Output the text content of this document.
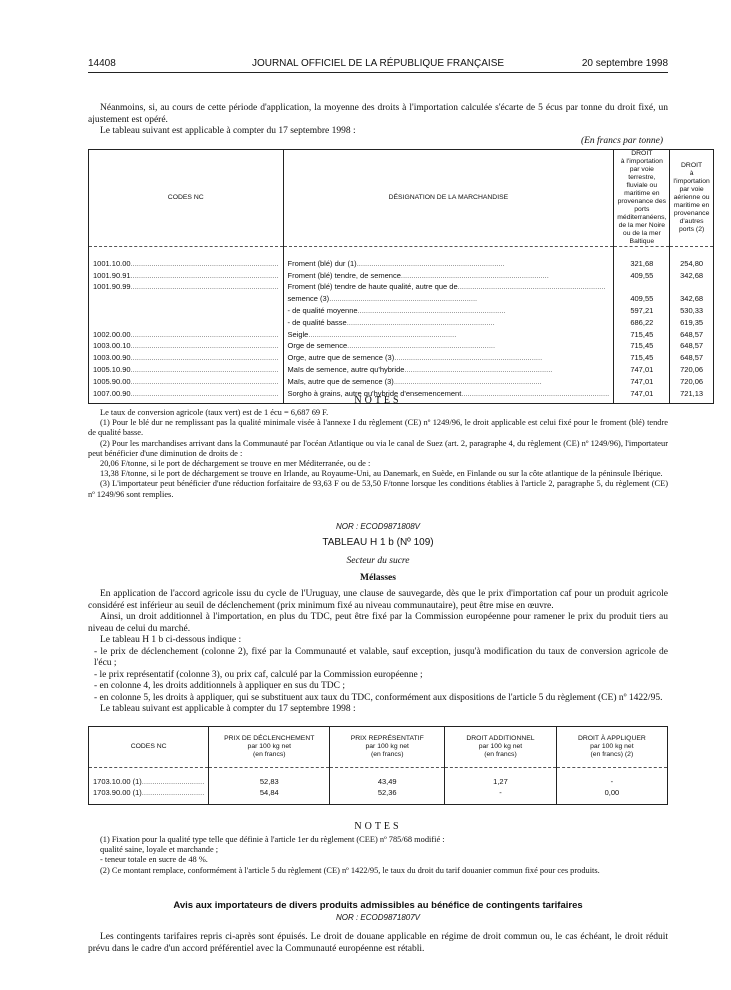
14408	JOURNAL OFFICIEL DE LA RÉPUBLIQUE FRANÇAISE	20 septembre 1998

Néanmoins, si, au cours de cette période d'application, la moyenne des droits à l'importation calculée s'écarte de 5 écus par tonne du droit fixé, un ajustement est opéré.

Le tableau suivant est applicable à compter du 17 septembre 1998 :

(En francs par tonne)
CODES NC	DÉSIGNATION DE LA MARCHANDISE	DROIT
à l'importation par voie terrestre, fluviale ou maritime en provenance des ports méditerranéens, de la mer Noire ou de la mer Baltique	DROIT
à l'importation par voie aérienne ou maritime en provenance d'autres ports (2)
1001.10.00.......................................................................	Froment (blé) dur (1).......................................................................	321,68	254,80
1001.90.91.......................................................................	Froment (blé) tendre, de semence.......................................................................	409,55	342,68
1001.90.99.......................................................................	Froment (blé) tendre de haute qualité, autre que de.......................................................................		
	semence (3).......................................................................	409,55	342,68
	- de qualité moyenne.......................................................................	597,21	530,33
	- de qualité basse.......................................................................	686,22	619,35
1002.00.00.......................................................................	Seigle.......................................................................	715,45	648,57
1003.00.10.......................................................................	Orge de semence.......................................................................	715,45	648,57
1003.00.90.......................................................................	Orge, autre que de semence (3).......................................................................	715,45	648,57
1005.10.90.......................................................................	Maïs de semence, autre qu'hybride.......................................................................	747,01	720,06
1005.90.00.......................................................................	Maïs, autre que de semence (3).......................................................................	747,01	720,06
1007.00.90.......................................................................	Sorgho à grains, autre qu'hybride d'ensemencement.......................................................................	747,01	721,13
NOTES

Le taux de conversion agricole (taux vert) est de 1 écu = 6,687 69 F.

(1) Pour le blé dur ne remplissant pas la qualité minimale visée à l'annexe I du règlement (CE) nº 1249/96, le droit applicable est celui fixé pour le froment (blé) tendre de qualité basse.

(2) Pour les marchandises arrivant dans la Communauté par l'océan Atlantique ou via le canal de Suez (art. 2, paragraphe 4, du règlement (CE) nº 1249/96), l'importateur peut bénéficier d'une diminution de droits de :

20,06 F/tonne, si le port de déchargement se trouve en mer Méditerranée, ou de :

13,38 F/tonne, si le port de déchargement se trouve en Irlande, au Royaume-Uni, au Danemark, en Suède, en Finlande ou sur la côte atlantique de la péninsule Ibérique.

(3) L'importateur peut bénéficier d'une réduction forfaitaire de 93,63 F ou de 53,50 F/tonne lorsque les conditions établies à l'article 2, paragraphe 5, du règlement (CE) nº 1249/96 sont remplies.

NOR : ECOD9871808V
TABLEAU H 1 b (Nº 109)
Secteur du sucre
Mélasses

En application de l'accord agricole issu du cycle de l'Uruguay, une clause de sauvegarde, dès que le prix d'importation caf pour un produit agricole considéré est inférieur au seuil de déclenchement (prix minimum fixé au niveau communautaire), peut être mise en œuvre.

Ainsi, un droit additionnel à l'importation, en plus du TDC, peut être fixé par la Commission européenne pour ramener le prix du produit tiers au niveau de celui du marché.

Le tableau H 1 b ci-dessous indique :

- le prix de déclenchement (colonne 2), fixé par la Communauté et valable, sauf exception, jusqu'à modification du taux de conversion agricole de l'écu ;

- le prix représentatif (colonne 3), ou prix caf, calculé par la Commission européenne ;

- en colonne 4, les droits additionnels à appliquer en sus du TDC ;

- en colonne 5, les droits à appliquer, qui se substituent aux taux du TDC, conformément aux dispositions de l'article 5 du règlement (CE) nº 1422/95.

Le tableau suivant est applicable à compter du 17 septembre 1998 :

CODES NC	PRIX DE DÉCLENCHEMENT
par 100 kg net
(en francs)	PRIX REPRÉSENTATIF
par 100 kg net
(en francs)	DROIT ADDITIONNEL
par 100 kg net
(en francs)	DROIT À APPLIQUER
par 100 kg net
(en francs) (2)
1703.10.00 (1)..............................	52,83	43,49	1,27	-
1703.90.00 (1)..............................	54,84	52,36	-	0,00
NOTES

(1) Fixation pour la qualité type telle que définie à l'article 1er du règlement (CEE) nº 785/68 modifié :

qualité saine, loyale et marchande ;

- teneur totale en sucre de 48 %.

(2) Ce montant remplace, conformément à l'article 5 du règlement (CE) nº 1422/95, le taux du droit du tarif douanier commun fixé pour ces produits.

Avis aux importateurs de divers produits admissibles au bénéfice de contingents tarifaires
NOR : ECOD9871807V

Les contingents tarifaires repris ci-après sont épuisés. Le droit de douane applicable en régime de droit commun ou, le cas échéant, le droit réduit prévu dans le cadre d'un accord préférentiel avec la Communauté européenne est rétabli.
